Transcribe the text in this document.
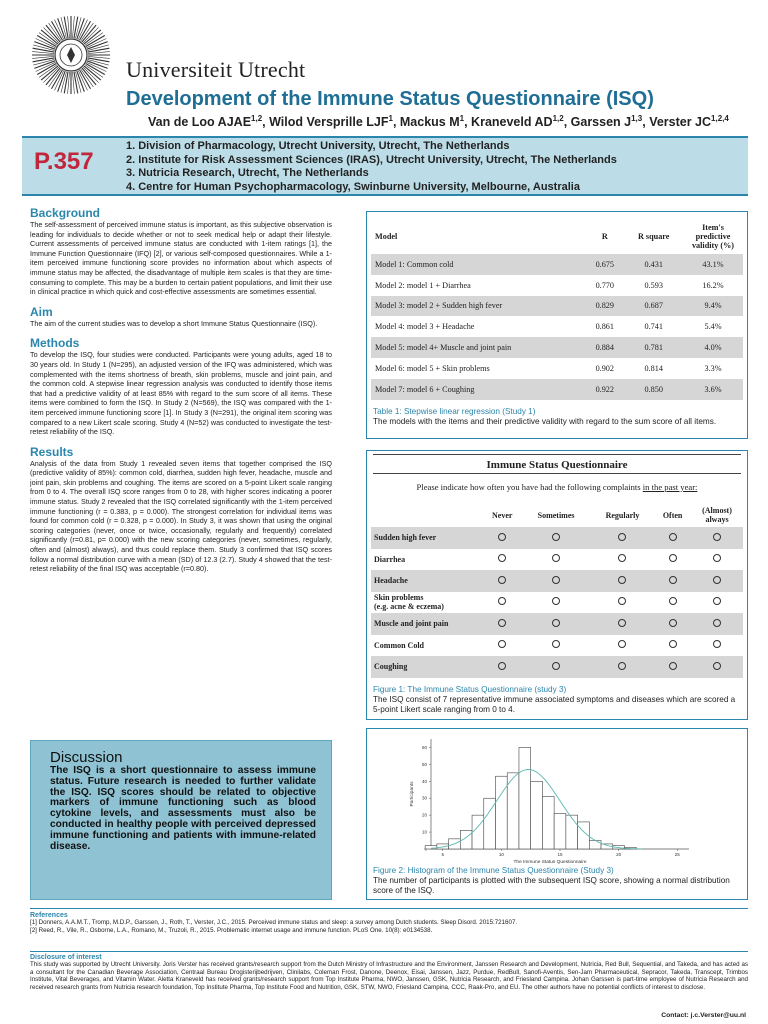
Universiteit Utrecht
Development of the Immune Status Questionnaire (ISQ)
Van de Loo AJAE$^{1,2}$, Wilod Versprille LJF$^1$, Mackus $M^1$, Kraneveld AD$^{1,2}$, Garssen J$^{1,3}$, Verster JC$^{1,2,4}$
P.357
1. Division of Pharmacology, Utrecht University, Utrecht, The Netherlands
2. Institute for Risk Assessment Sciences (IRAS), Utrecht University, Utrecht, The Netherlands
3. Nutricia Research, Utrecht, The Netherlands
4. Centre for Human Psychopharmacology, Swinburne University, Melbourne, Australia
Background
The self-assessment of perceived immune status is important, as this subjective observation is leading for individuals to decide whether or not to seek medical help or adapt their lifestyle. Current assessments of perceived immune status are conducted with 1-item ratings [1], the Immune Function Questionnaire (IFQ) [2], or various self-composed questionnaires. While a 1-item perceived immune functioning score provides no information about which aspects of immune status may be affected, the disadvantage of multiple item scales is that they are time-consuming to complete. This may be a burden to certain patient populations, and limit their use in clinical practice in which quick and cost-effective assessments are sometimes essential.
Aim
The aim of the current studies was to develop a short Immune Status Questionnaire (ISQ).
Methods
To develop the ISQ, four studies were conducted. Participants were young adults, aged 18 to 30 years old. In Study 1 (N=295), an adjusted version of the IFQ was administered, which was complemented with the items shortness of breath, skin problems, muscle and joint pain, and the common cold. A stepwise linear regression analysis was conducted to identify those items that had a predictive validity of at least 85% with regard to the sum score of all items. These items were combined to form the ISQ. In Study 2 (N=569), the ISQ was compared with the 1-item perceived immune functioning score [1]. In Study 3 (N=291), the original item scoring was compared to a new Likert scale scoring. Study 4 (N=52) was conducted to investigate the test-retest reliability of the ISQ.
Results
Analysis of the data from Study 1 revealed seven items that together comprised the ISQ (predictive validity of 85%): common cold, diarrhea, sudden high fever, headache, muscle and joint pain, skin problems and coughing. The items are scored on a 5-point Likert scale ranging from 0 to 4. The overall ISQ score ranges from 0 to 28, with higher scores indicating a poorer immune status. Study 2 revealed that the ISQ correlated significantly with the 1-item perceived immune functioning (r = 0.383, p = 0.000). The strongest correlation for individual items was found for common cold (r = 0.328, p = 0.000). In Study 3, it was shown that using the original scoring categories (never, once or twice, occasionally, regularly and frequently) correlated significantly (r=0.81, p= 0.000) with the new scoring categories (never, sometimes, regularly, often and (almost) always), and thus could replace them. Study 3 confirmed that ISQ scores follow a normal distribution curve with a mean (SD) of 12.3 (2.7). Study 4 showed that the test-retest reliability of the final ISQ was acceptable (r=0.80).
Discussion
The ISQ is a short questionnaire to assess immune status. Future research is needed to further validate the ISQ. ISQ scores should be related to objective markers of immune functioning such as blood cytokine levels, and assessments must also be conducted in healthy people with perceived depressed immune functioning and patients with immune-related disease.
Model	R	R square	Item's predictive validity (%)
Model 1: Common cold	0.675	0.431	43.1%
Model 2: model 1 + Diarrhea	0.770	0.593	16.2%
Model 3: model 2 + Sudden high fever	0.829	0.687	9.4%
Model 4: model 3 + Headache	0.861	0.741	5.4%
Model 5: model 4+ Muscle and joint pain	0.884	0.781	4.0%
Model 6: model 5 + Skin problems	0.902	0.814	3.3%
Model 7: model 6 + Coughing	0.922	0.850	3.6%
Table 1: Stepwise linear regression (Study 1)
The models with the items and their predictive validity with regard to the sum score of all items.
Immune Status Questionnaire
Please indicate how often you have had the following complaints in the past year:
	Never	Sometimes	Regularly	Often	(Almost) always
Sudden high fever					
Diarrhea					
Headache					
Skin problems
(e.g. acne & eczema)					
Muscle and joint pain					
Common Cold					
Coughing					
Figure 1: The Immune Status Questionnaire (study 3)
The ISQ consist of 7 representative immune associated symptoms and diseases which are scored a 5-point Likert scale ranging from 0 to 4.
10
20
30
40
50
60
5	10	15	20	25
The Immune Status Questionnaire
Participants
Figure 2: Histogram of the Immune Status Questionnaire (Study 3)
The number of participants is plotted with the subsequent ISQ score, showing a normal distribution score of the ISQ.
References
[1] Donners, A.A.M.T., Tromp, M.D.P., Garssen, J., Roth, T., Verster, J.C., 2015. Perceived immune status and sleep: a survey among Dutch students. Sleep Disord. 2015:721607.
[2] Reed, R., Vile, R., Osborne, L.A., Romano, M., Truzoli, R., 2015. Problematic internet usage and immune function. PLoS One. 10(8): e0134538.
Disclosure of interest
This study was supported by Utrecht University. Joris Verster has received grants/research support from the Dutch Ministry of Infrastructure and the Environment, Janssen Research and Development, Nutricia, Red Bull, Sequential, and Takeda, and has acted as a consultant for the Canadian Beverage Association, Centraal Bureau Drogisterijbedrijven, Clinilabs, Coleman Frost, Danone, Deenox, Eisai, Janssen, Jazz, Purdue, RedBull, Sanofi-Aventis, Sen-Jam Pharmaceutical, Sepracor, Takeda, Transcept, Trimbos Institute, Vital Beverages, and Vitamin Water. Aletta Kraneveld has received grants/research support from Top Institute Pharma, NWO, Janssen, GSK, Nutricia Research, and Friesland Campina. Johan Garssen is part-time employee of Nutricia Research and received research grants from Nutricia research foundation, Top Institute Pharma, Top Institute Food and Nutrition, GSK, STW, NWO, Friesland Campina, CCC, Raak-Pro, and EU. The other authors have no potential conflicts of interest to disclose.
Contact: j.c.Verster@uu.nl
